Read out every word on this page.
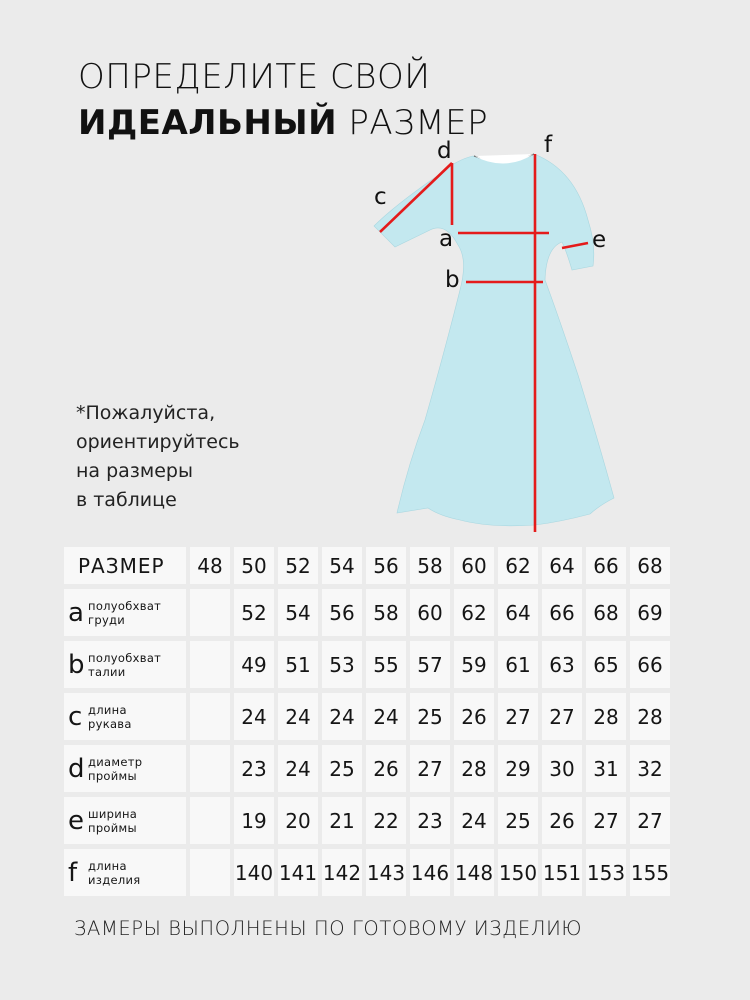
ОПРЕДЕЛИТЕ СВОЙ
ИДЕАЛЬНЫЙ РАЗМЕР
*Пожалуйста,
ориентируйтесь
на размеры
в таблице
d	f
c
a	e
b
РАЗМЕР	48	50	52	54	56	58	60	62	64	66	68
a полуобхват
груди		52	54	56	58	60	62	64	66	68	69
b полуобхват
талии		49	51	53	55	57	59	61	63	65	66
c длина
рукава		24	24	24	24	25	26	27	27	28	28
d диаметр
проймы		23	24	25	26	27	28	29	30	31	32
e ширина
проймы		19	20	21	22	23	24	25	26	27	27
f длина
изделия		140	141	142	143	146	148	150	151	153	155
ЗАМЕРЫ ВЫПОЛНЕНЫ ПО ГОТОВОМУ ИЗДЕЛИЮ
